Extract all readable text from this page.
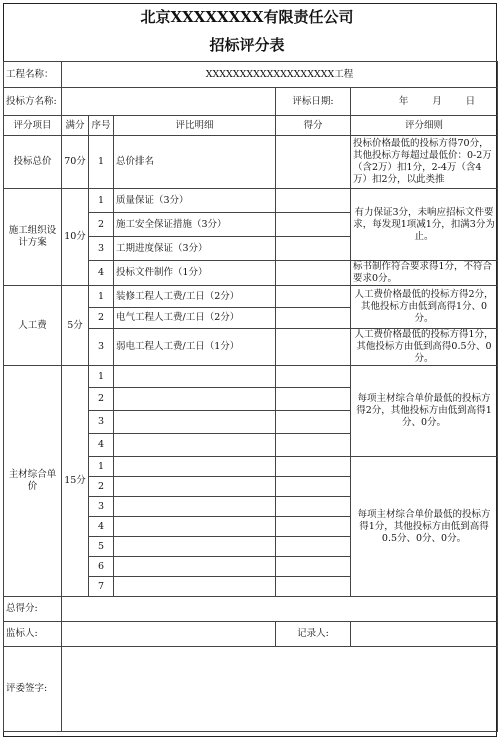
北京XXXXXXXX有限责任公司
招标评分表
工程名称：	XXXXXXXXXXXXXXXXXXX工程				
投标方名称:				评标日期:	年 月 日

评分项目	满分	序号	评比明细	得分	评分细则
投标总价	70分	1	总价排名		投标价格最低的投标方得70分，其他投标方每超过最低价：0-2万（含2万）扣1分，2-4万（含4万）扣2分，以此类推
施工组织设计方案	10分	1	质量保证（3分）		有力保证3分，未响应招标文件要求，每发现1项减1分，扣满3分为止。
		2	施工安全保证措施（3分）		
		3	工期进度保证（3分）		
		4	投标文件制作（1分）		标书制作符合要求得1分，不符合要求0分。
人工费	5分	1	装修工程人工费/工日（2分）		人工费价格最低的投标方得2分，其他投标方由低到高得1分、0分。
		2	电气工程人工费/工日（2分）		
		3	弱电工程人工费/工日（1分）		人工费价格最低的投标方得1分，其他投标方由低到高得0.5分、0分。
主材综合单价	15分	1			每项主材综合单价最低的投标方得2分，其他投标方由低到高得1分、0分。
		2			
		3			
		4			
		1			每项主材综合单价最低的投标方得1分，其他投标方由低到高得0.5分、0分、0分。
		2			
		3			
		4			
		5			
		6			
		7			
总得分:					
监标人:				记录人:	
评委签字:					
